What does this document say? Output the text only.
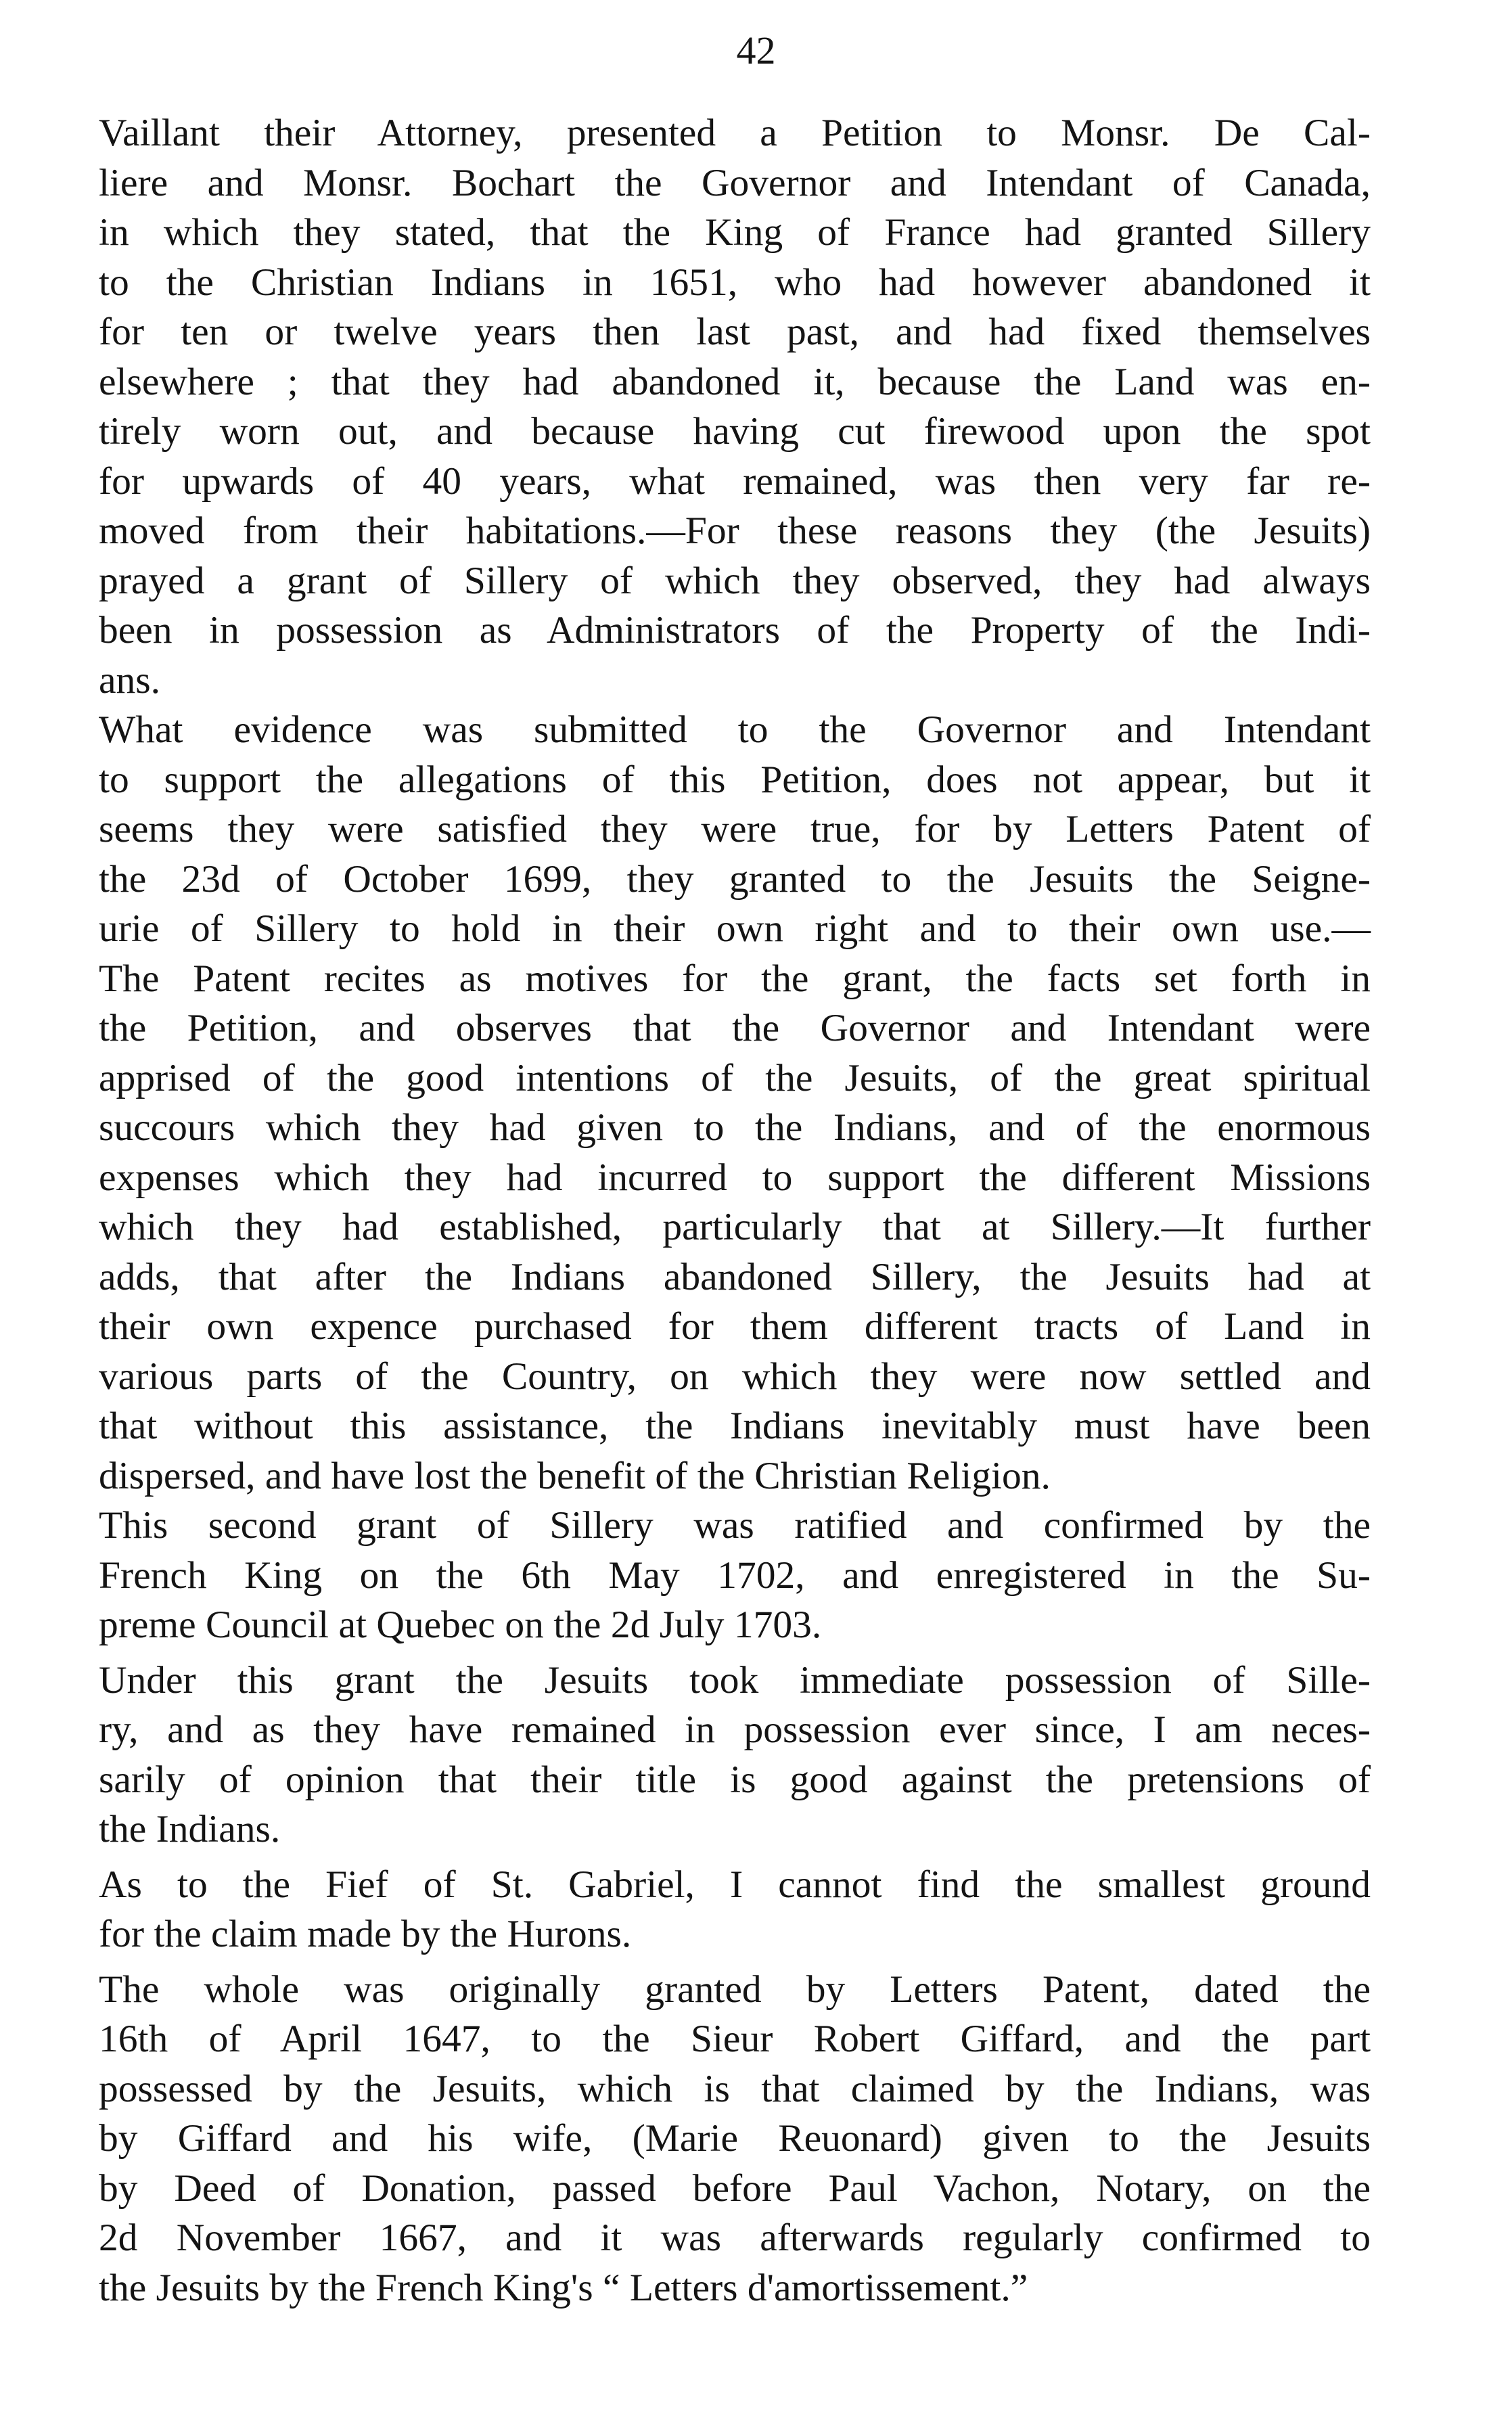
42

Vaillant their Attorney, presented a Petition to Monsr. De Cal-
liere and Monsr. Bochart the Governor and Intendant of Canada,
in which they stated, that the King of France had granted Sillery
to the Christian Indians in 1651, who had however abandoned it
for ten or twelve years then last past, and had fixed themselves
elsewhere ; that they had abandoned it, because the Land was en-
tirely worn out, and because having cut firewood upon the spot
for upwards of 40 years, what remained, was then very far re-
moved from their habitations.—For these reasons they (the Jesuits)
prayed a grant of Sillery of which they observed, they had always
been in possession as Administrators of the Property of the Indi-
ans.

What evidence was submitted to the Governor and Intendant
to support the allegations of this Petition, does not appear, but it
seems they were satisfied they were true, for by Letters Patent of
the 23d of October 1699, they granted to the Jesuits the Seigne-
urie of Sillery to hold in their own right and to their own use.—
The Patent recites as motives for the grant, the facts set forth in
the Petition, and observes that the Governor and Intendant were
apprised of the good intentions of the Jesuits, of the great spiritual
succours which they had given to the Indians, and of the enormous
expenses which they had incurred to support the different Missions
which they had established, particularly that at Sillery.—It further
adds, that after the Indians abandoned Sillery, the Jesuits had at
their own expence purchased for them different tracts of Land in
various parts of the Country, on which they were now settled and
that without this assistance, the Indians inevitably must have been
dispersed, and have lost the benefit of the Christian Religion.

This second grant of Sillery was ratified and confirmed by the
French King on the 6th May 1702, and enregistered in the Su-
preme Council at Quebec on the 2d July 1703.

Under this grant the Jesuits took immediate possession of Sille-
ry, and as they have remained in possession ever since, I am neces-
sarily of opinion that their title is good against the pretensions of
the Indians.

As to the Fief of St. Gabriel, I cannot find the smallest ground
for the claim made by the Hurons.

The whole was originally granted by Letters Patent, dated the
16th of April 1647, to the Sieur Robert Giffard, and the part
possessed by the Jesuits, which is that claimed by the Indians, was
by Giffard and his wife, (Marie Reuonard) given to the Jesuits
by Deed of Donation, passed before Paul Vachon, Notary, on the
2d November 1667, and it was afterwards regularly confirmed to
the Jesuits by the French King's “ Letters d'amortissement.”
